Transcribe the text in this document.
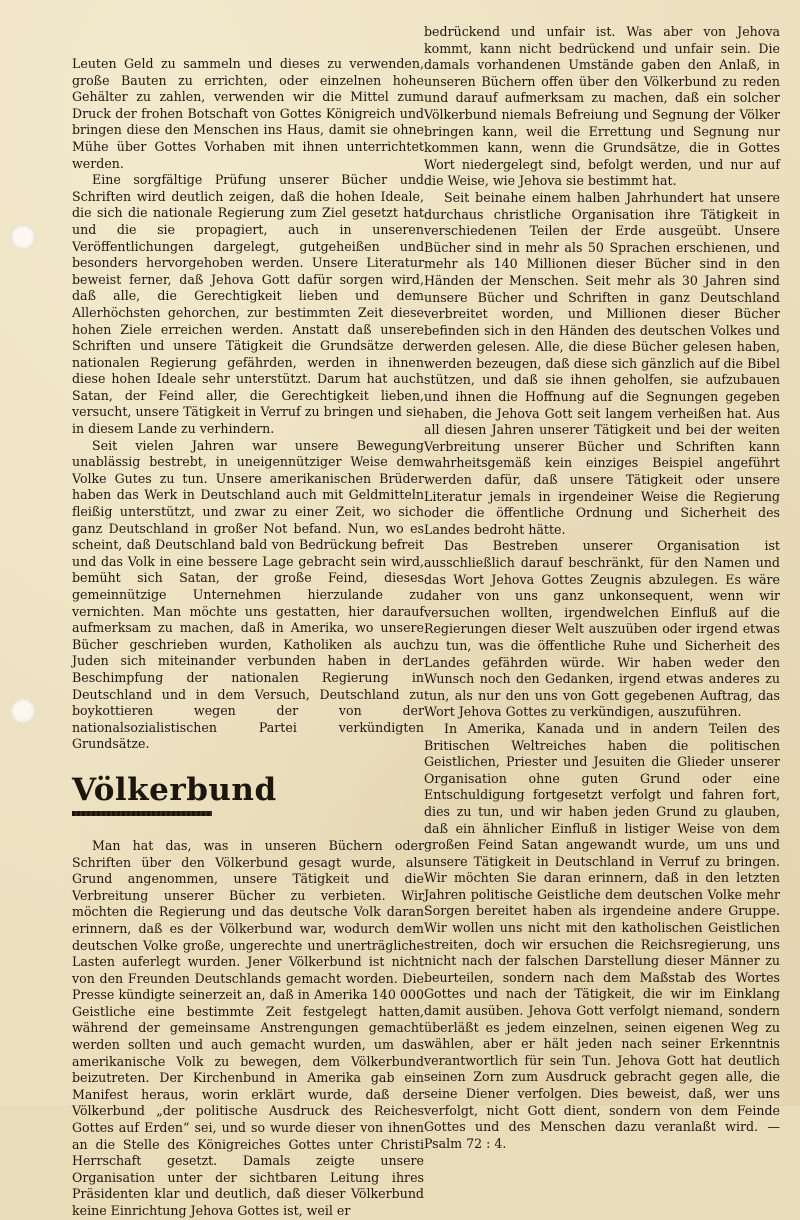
Leuten Geld zu sammeln und dieses zu verwenden, große Bauten zu errichten, oder einzelnen hohe Gehälter zu zahlen, verwenden wir die Mittel zum Druck der frohen Botschaft von Gottes Königreich und bringen diese den Menschen ins Haus, damit sie ohne Mühe über Gottes Vorhaben mit ihnen unterrichtet werden.

Eine sorgfältige Prüfung unserer Bücher und Schriften wird deutlich zeigen, daß die hohen Ideale, die sich die nationale Regierung zum Ziel gesetzt hat und die sie propagiert, auch in unseren Veröffentlichungen dargelegt, gutgeheißen und besonders hervorgehoben werden. Unsere Literatur beweist ferner, daß Jehova Gott dafür sorgen wird, daß alle, die Gerechtigkeit lieben und dem Allerhöchsten gehorchen, zur bestimmten Zeit diese hohen Ziele erreichen werden. Anstatt daß unsere Schriften und unsere Tätigkeit die Grundsätze der nationalen Regierung gefährden, werden in ihnen diese hohen Ideale sehr unterstützt. Darum hat auch Satan, der Feind aller, die Gerechtigkeit lieben, versucht, unsere Tätigkeit in Verruf zu bringen und sie in diesem Lande zu verhindern.

Seit vielen Jahren war unsere Bewegung unablässig bestrebt, in uneigennütziger Weise dem Volke Gutes zu tun. Unsere amerikanischen Brüder haben das Werk in Deutschland auch mit Geldmitteln fleißig unterstützt, und zwar zu einer Zeit, wo sich ganz Deutschland in großer Not befand. Nun, wo es scheint, daß Deutschland bald von Bedrückung befreit und das Volk in eine bessere Lage gebracht sein wird, bemüht sich Satan, der große Feind, dieses gemeinnützige Unternehmen hierzulande zu vernichten. Man möchte uns gestatten, hier darauf aufmerksam zu machen, daß in Amerika, wo unsere Bücher geschrieben wurden, Katholiken als auch Juden sich miteinander verbunden haben in der Beschimpfung der nationalen Regierung in Deutschland und in dem Versuch, Deutschland zu boykottieren wegen der von der nationalsozialistischen Partei verkündigten Grundsätze.

Völkerbund

Man hat das, was in unseren Büchern oder Schriften über den Völkerbund gesagt wurde, als Grund angenommen, unsere Tätigkeit und die Verbreitung unserer Bücher zu verbieten. Wir möchten die Regierung und das deutsche Volk daran erinnern, daß es der Völkerbund war, wodurch dem deutschen Volke große, ungerechte und unerträgliche Lasten auferlegt wurden. Jener Völkerbund ist nicht von den Freunden Deutschlands gemacht worden. Die Presse kündigte seinerzeit an, daß in Amerika 140 000 Geistliche eine bestimmte Zeit festgelegt hatten, während der gemeinsame Anstrengungen gemacht werden sollten und auch gemacht wurden, um das amerikanische Volk zu bewegen, dem Völkerbund beizutreten. Der Kirchenbund in Amerika gab ein Manifest heraus, worin erklärt wurde, daß der Völkerbund „der politische Ausdruck des Reiches Gottes auf Erden“ sei, und so wurde dieser von ihnen an die Stelle des Königreiches Gottes unter Christi Herrschaft gesetzt. Damals zeigte unsere Organisation unter der sichtbaren Leitung ihres Präsidenten klar und deutlich, daß dieser Völkerbund keine Einrichtung Jehova Gottes ist, weil er

bedrückend und unfair ist. Was aber von Jehova kommt, kann nicht bedrückend und unfair sein. Die damals vorhandenen Umstände gaben den Anlaß, in unseren Büchern offen über den Völkerbund zu reden und darauf aufmerksam zu machen, daß ein solcher Völkerbund niemals Befreiung und Segnung der Völker bringen kann, weil die Errettung und Segnung nur kommen kann, wenn die Grundsätze, die in Gottes Wort niedergelegt sind, befolgt werden, und nur auf die Weise, wie Jehova sie bestimmt hat.

Seit beinahe einem halben Jahrhundert hat unsere durchaus christliche Organisation ihre Tätigkeit in verschiedenen Teilen der Erde ausgeübt. Unsere Bücher sind in mehr als 50 Sprachen erschienen, und mehr als 140 Millionen dieser Bücher sind in den Händen der Menschen. Seit mehr als 30 Jahren sind unsere Bücher und Schriften in ganz Deutschland verbreitet worden, und Millionen dieser Bücher befinden sich in den Händen des deutschen Volkes und werden gelesen. Alle, die diese Bücher gelesen haben, werden bezeugen, daß diese sich gänzlich auf die Bibel stützen, und daß sie ihnen geholfen, sie aufzubauen und ihnen die Hoffnung auf die Segnungen gegeben haben, die Jehova Gott seit langem verheißen hat. Aus all diesen Jahren unserer Tätigkeit und bei der weiten Verbreitung unserer Bücher und Schriften kann wahrheitsgemäß kein einziges Beispiel angeführt werden dafür, daß unsere Tätigkeit oder unsere Literatur jemals in irgendeiner Weise die Regierung oder die öffentliche Ordnung und Sicherheit des Landes bedroht hätte.

Das Bestreben unserer Organisation ist ausschließlich darauf beschränkt, für den Namen und das Wort Jehova Gottes Zeugnis abzulegen. Es wäre daher von uns ganz unkonsequent, wenn wir versuchen wollten, irgendwelchen Einfluß auf die Regierungen dieser Welt auszuüben oder irgend etwas zu tun, was die öffentliche Ruhe und Sicherheit des Landes gefährden würde. Wir haben weder den Wunsch noch den Gedanken, irgend etwas anderes zu tun, als nur den uns von Gott gegebenen Auftrag, das Wort Jehova Gottes zu verkündigen, auszuführen.

In Amerika, Kanada und in andern Teilen des Britischen Weltreiches haben die politischen Geistlichen, Priester und Jesuiten die Glieder unserer Organisation ohne guten Grund oder eine Entschuldigung fortgesetzt verfolgt und fahren fort, dies zu tun, und wir haben jeden Grund zu glauben, daß ein ähnlicher Einfluß in listiger Weise von dem großen Feind Satan angewandt wurde, um uns und unsere Tätigkeit in Deutschland in Verruf zu bringen. Wir möchten Sie daran erinnern, daß in den letzten Jahren politische Geistliche dem deutschen Volke mehr Sorgen bereitet haben als irgendeine andere Gruppe. Wir wollen uns nicht mit den katholischen Geistlichen streiten, doch wir ersuchen die Reichsregierung, uns nicht nach der falschen Darstellung dieser Männer zu beurteilen, sondern nach dem Maßstab des Wortes Gottes und nach der Tätigkeit, die wir im Einklang damit ausüben. Jehova Gott verfolgt niemand, sondern überläßt es jedem einzelnen, seinen eigenen Weg zu wählen, aber er hält jeden nach seiner Erkenntnis verantwortlich für sein Tun. Jehova Gott hat deutlich seinen Zorn zum Ausdruck gebracht gegen alle, die seine Diener verfolgen. Dies beweist, daß, wer uns verfolgt, nicht Gott dient, sondern von dem Feinde Gottes und des Menschen dazu veranlaßt wird. — Psalm 72 : 4.
